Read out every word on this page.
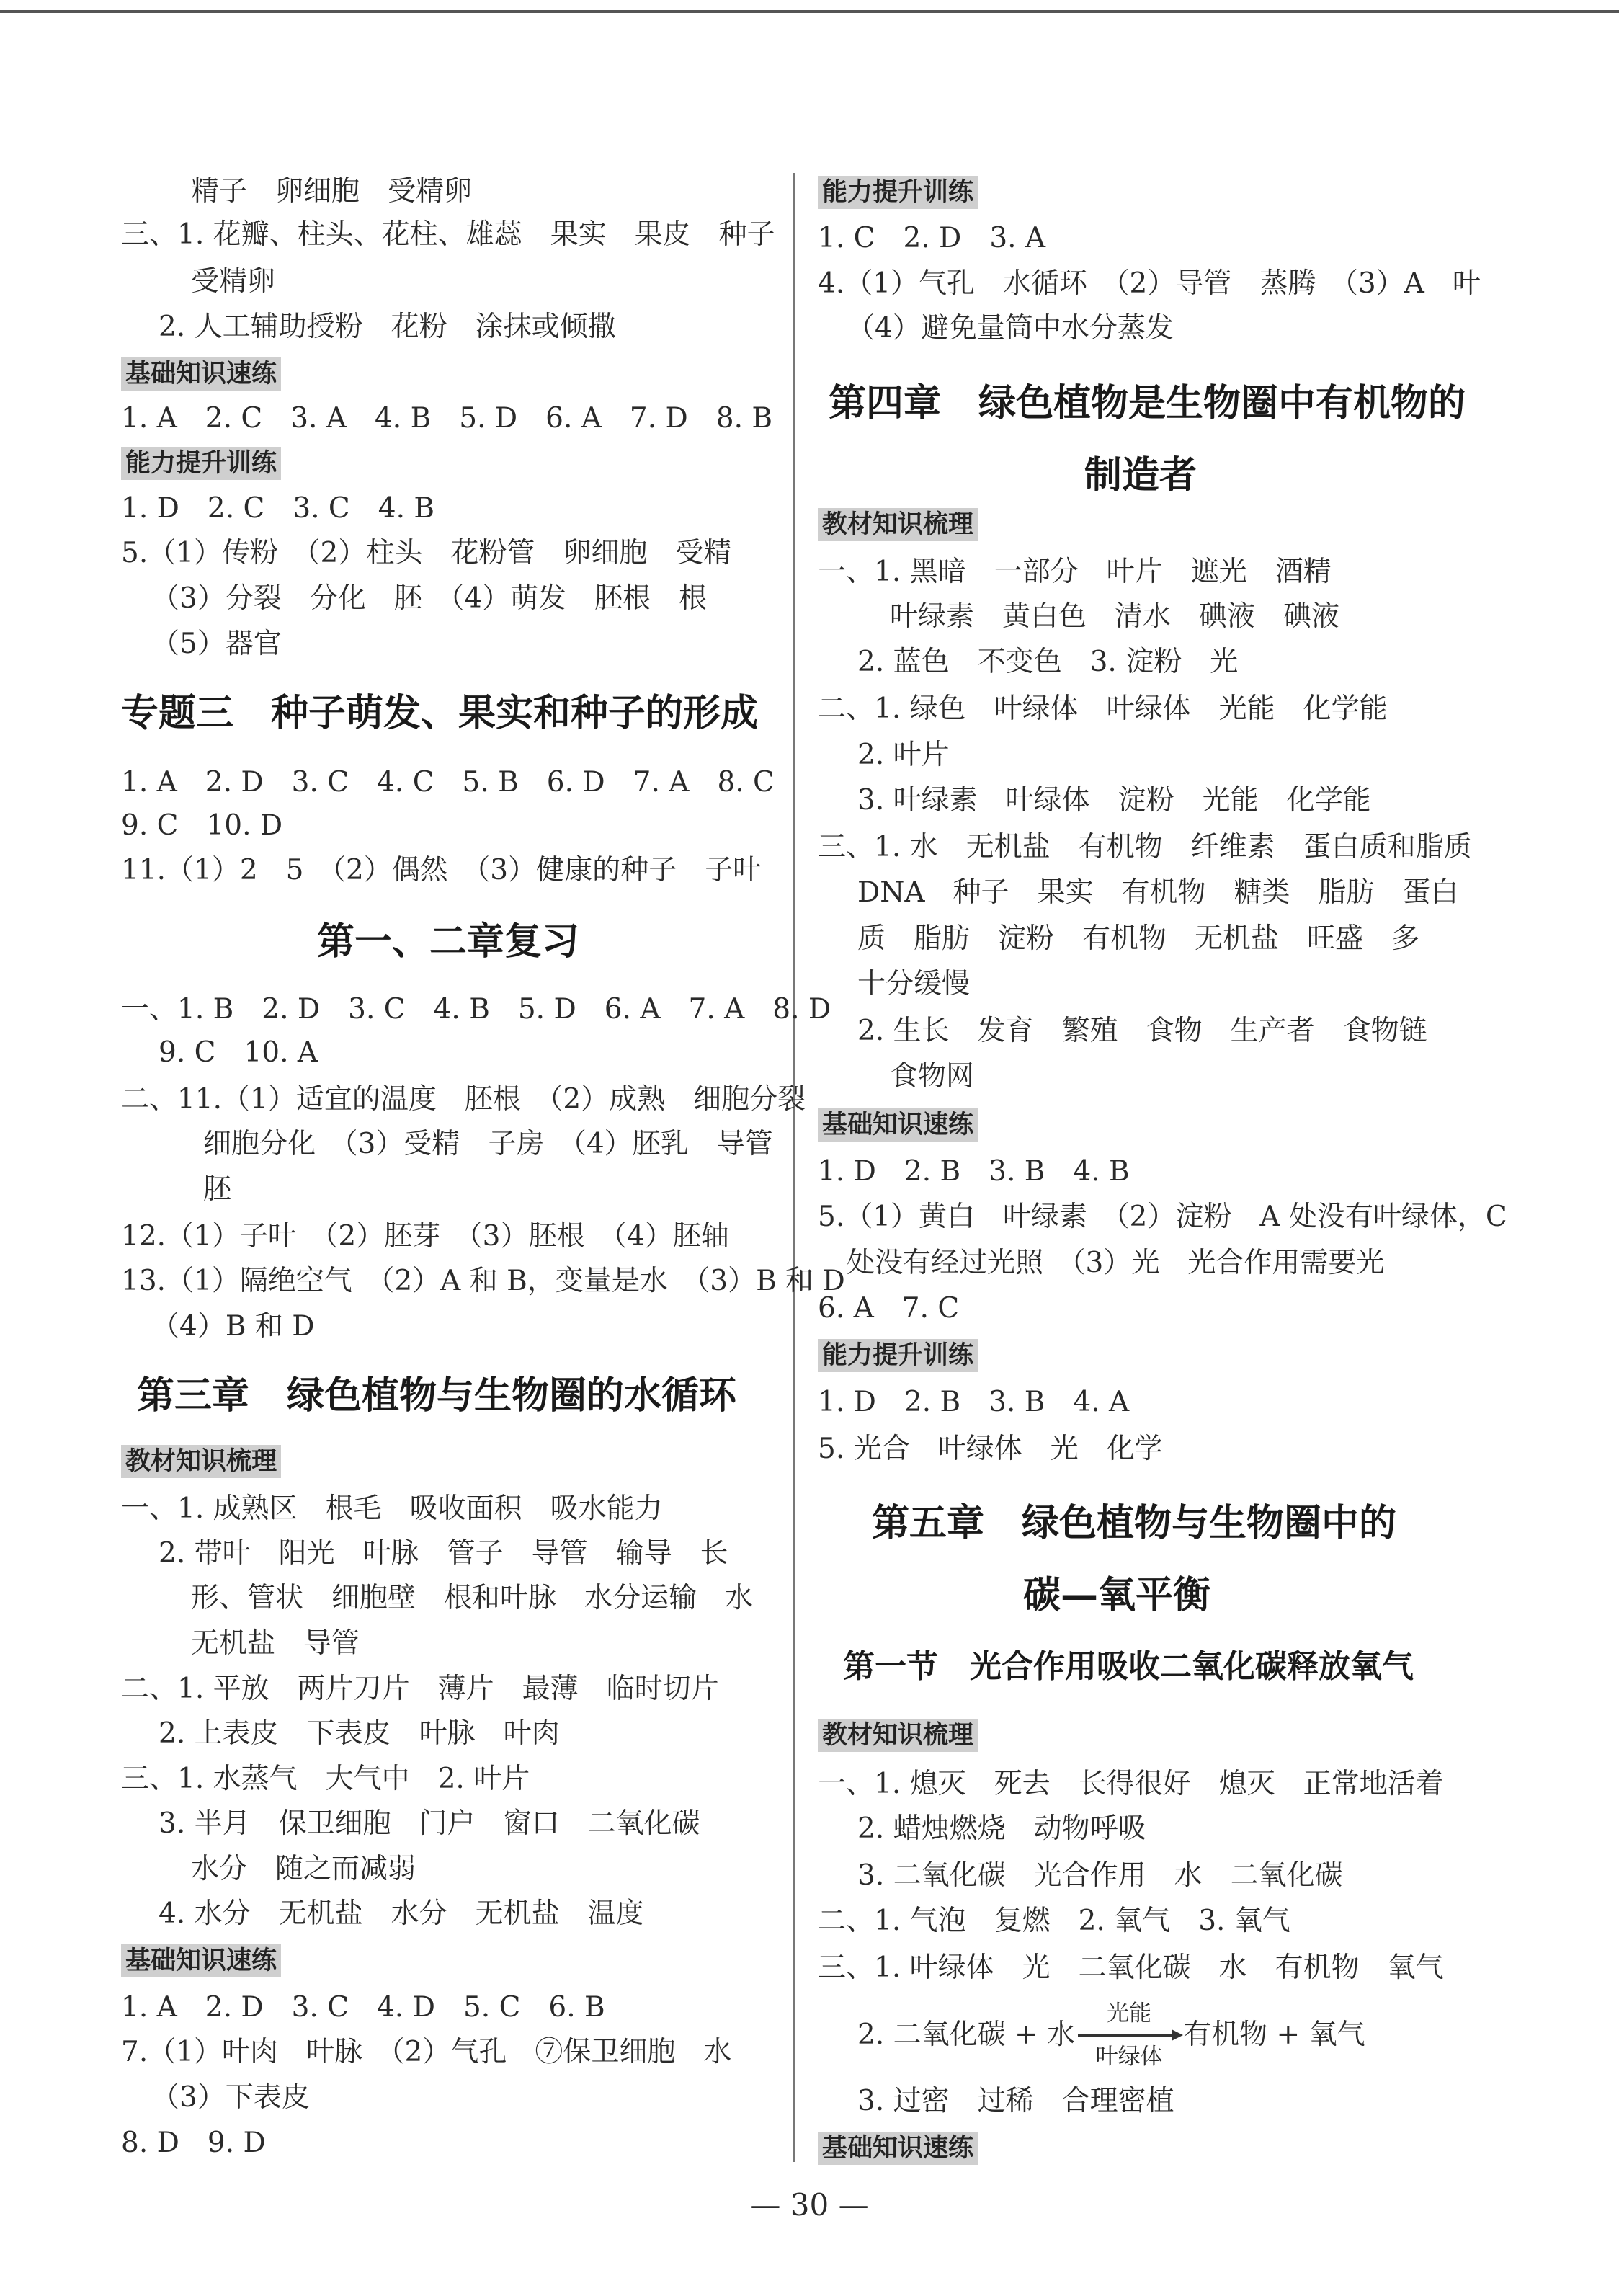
精子　卵细胞　受精卵
三、1. 花瓣、柱头、花柱、雄蕊　果实　果皮　种子
受精卵
2. 人工辅助授粉　花粉　涂抹或倾撒
基础知识速练
1. A　2. C　3. A　4. B　5. D　6. A　7. D　8. B
能力提升训练
1. D　2. C　3. C　4. B
5.（1）传粉　（2）柱头　花粉管　卵细胞　受精
（3）分裂　分化　胚　（4）萌发　胚根　根
（5）器官
专题三　种子萌发、果实和种子的形成
1. A　2. D　3. C　4. C　5. B　6. D　7. A　8. C
9. C　10. D
11.（1）2　5　（2）偶然　（3）健康的种子　子叶
第一、二章复习
一、1. B　2. D　3. C　4. B　5. D　6. A　7. A　8. D
9. C　10. A
二、11.（1）适宜的温度　胚根　（2）成熟　细胞分裂
细胞分化　（3）受精　子房　（4）胚乳　导管
胚
12.（1）子叶　（2）胚芽　（3）胚根　（4）胚轴
13.（1）隔绝空气　（2）A 和 B，变量是水　（3）B 和 D
（4）B 和 D
第三章　绿色植物与生物圈的水循环
教材知识梳理
一、1. 成熟区　根毛　吸收面积　吸水能力
2. 带叶　阳光　叶脉　管子　导管　输导　长
形、管状　细胞壁　根和叶脉　水分运输　水
无机盐　导管
二、1. 平放　两片刀片　薄片　最薄　临时切片
2. 上表皮　下表皮　叶脉　叶肉
三、1. 水蒸气　大气中　2. 叶片
3. 半月　保卫细胞　门户　窗口　二氧化碳
水分　随之而减弱
4. 水分　无机盐　水分　无机盐　温度
基础知识速练
1. A　2. D　3. C　4. D　5. C　6. B
7.（1）叶肉　叶脉　（2）气孔　⑦保卫细胞　水
（3）下表皮
8. D　9. D
能力提升训练
1. C　2. D　3. A
4.（1）气孔　水循环　（2）导管　蒸腾　（3）A　叶
（4）避免量筒中水分蒸发
第四章　绿色植物是生物圈中有机物的
制造者
教材知识梳理
一、1. 黑暗　一部分　叶片　遮光　酒精
叶绿素　黄白色　清水　碘液　碘液
2. 蓝色　不变色　3. 淀粉　光
二、1. 绿色　叶绿体　叶绿体　光能　化学能
2. 叶片
3. 叶绿素　叶绿体　淀粉　光能　化学能
三、1. 水　无机盐　有机物　纤维素　蛋白质和脂质
DNA　种子　果实　有机物　糖类　脂肪　蛋白
质　脂肪　淀粉　有机物　无机盐　旺盛　多
十分缓慢
2. 生长　发育　繁殖　食物　生产者　食物链
食物网
基础知识速练
1. D　2. B　3. B　4. B
5.（1）黄白　叶绿素　（2）淀粉　A 处没有叶绿体，C
处没有经过光照　（3）光　光合作用需要光
6. A　7. C
能力提升训练
1. D　2. B　3. B　4. A
5. 光合　叶绿体　光　化学
第五章　绿色植物与生物圈中的
碳—氧平衡
第一节　光合作用吸收二氧化碳释放氧气
教材知识梳理
一、1. 熄灭　死去　长得很好　熄灭　正常地活着
2. 蜡烛燃烧　动物呼吸
3. 二氧化碳　光合作用　水　二氧化碳
二、1. 气泡　复燃　2. 氧气　3. 氧气
三、1. 叶绿体　光　二氧化碳　水　有机物　氧气
3. 过密　过稀　合理密植
基础知识速练
2. 二氧化碳 + 水
光能
叶绿体
有机物 + 氧气
— 30 —
